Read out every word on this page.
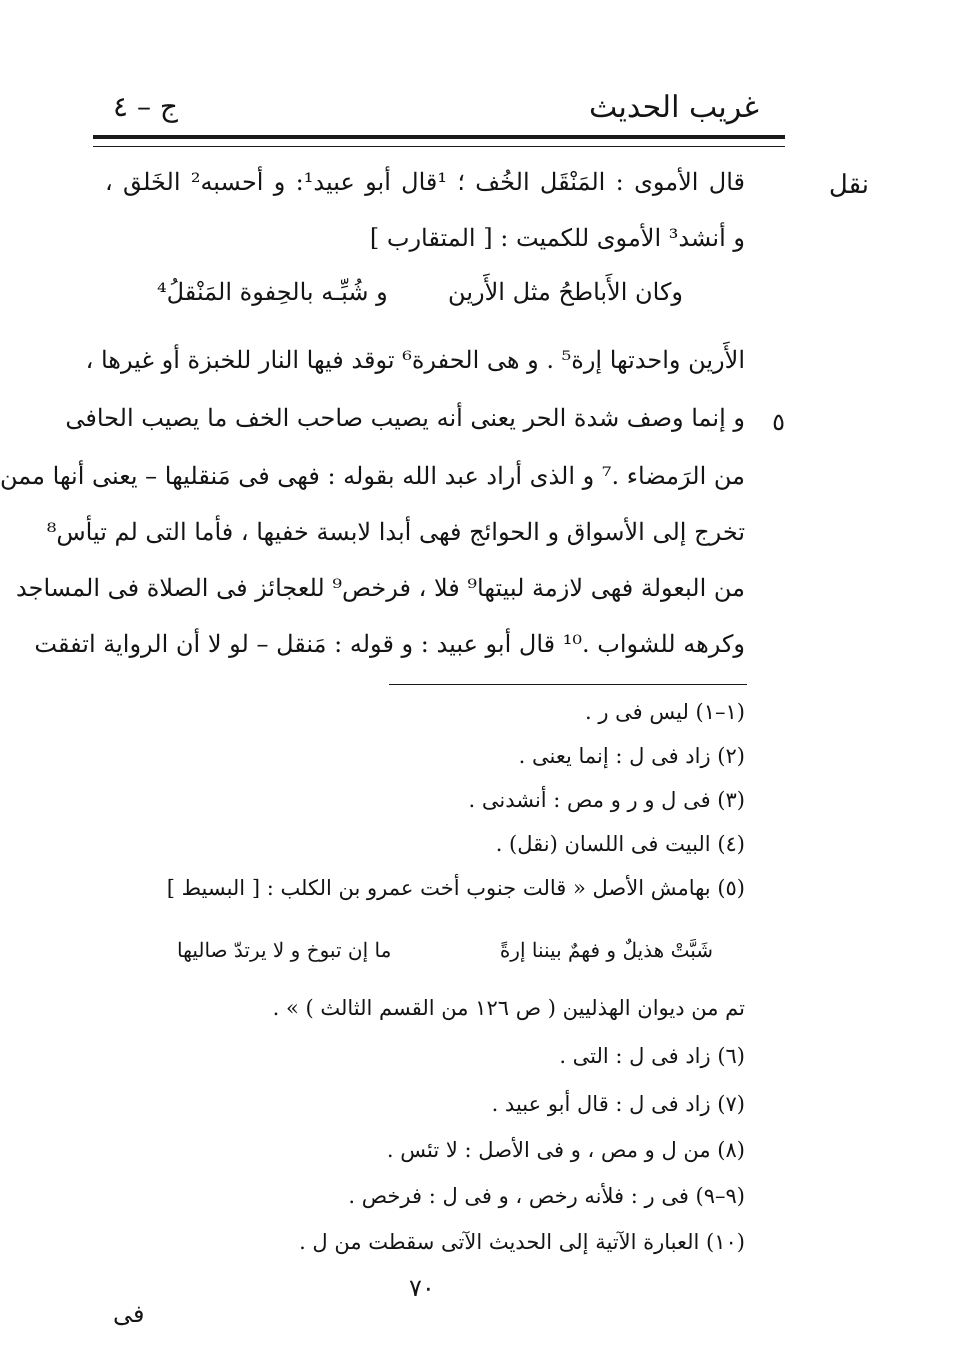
غريب الحديث
ج – ٤
نقل
٥
قال الأموى : المَنْقَل الخُف ؛ ¹قال أبو عبيد¹: و أحسبه² الخَلق ،
و أنشد³ الأموى للكميت : [ المتقارب ]
وكان الأَباطحُ مثل الأَرين
و شُبِّـه بالحِفوة المَنْقلُ⁴
الأَرين واحدتها إرة⁵ . و هى الحفرة⁶ توقد فيها النار للخبزة أو غيرها ،
و إنما وصف شدة الحر يعنى أنه يصيب صاحب الخف ما يصيب الحافى
من الرَمضاء .⁷ و الذى أراد عبد الله بقوله : فهى فى مَنقليها – يعنى أنها ممن
تخرج إلى الأسواق و الحوائج فهى أبدا لابسة خفيها ، فأما التى لم تيأس⁸
من البعولة فهى لازمة لبيتها⁹ فلا ، فرخص⁹ للعجائز فى الصلاة فى المساجد
وكرهه للشواب .¹⁰ قال أبو عبيد : و قوله : مَنقل – لو لا أن الرواية اتفقت
(١–١) ليس فى ر .
(٢) زاد فى ل : إنما يعنى .
(٣) فى ل و ر و مص : أنشدنى .
(٤) البيت فى اللسان (نقل) .
(٥) بهامش الأصل « قالت جنوب أخت عمرو بن الكلب : [ البسيط ]
شَبَّتْ هذيلٌ و فهمٌ بيننا إرةً
ما إن تبوخ و لا يرتدّ صاليها
تم من ديوان الهذليين ( ص ١٢٦ من القسم الثالث ) » .
(٦) زاد فى ل : التى .
(٧) زاد فى ل : قال أبو عبيد .
(٨) من ل و مص ، و فى الأصل : لا تئس .
(٩–٩) فى ر : فلأنه رخص ، و فى ل : فرخص .
(١٠) العبارة الآتية إلى الحديث الآتى سقطت من ل .
٧٠
فى
